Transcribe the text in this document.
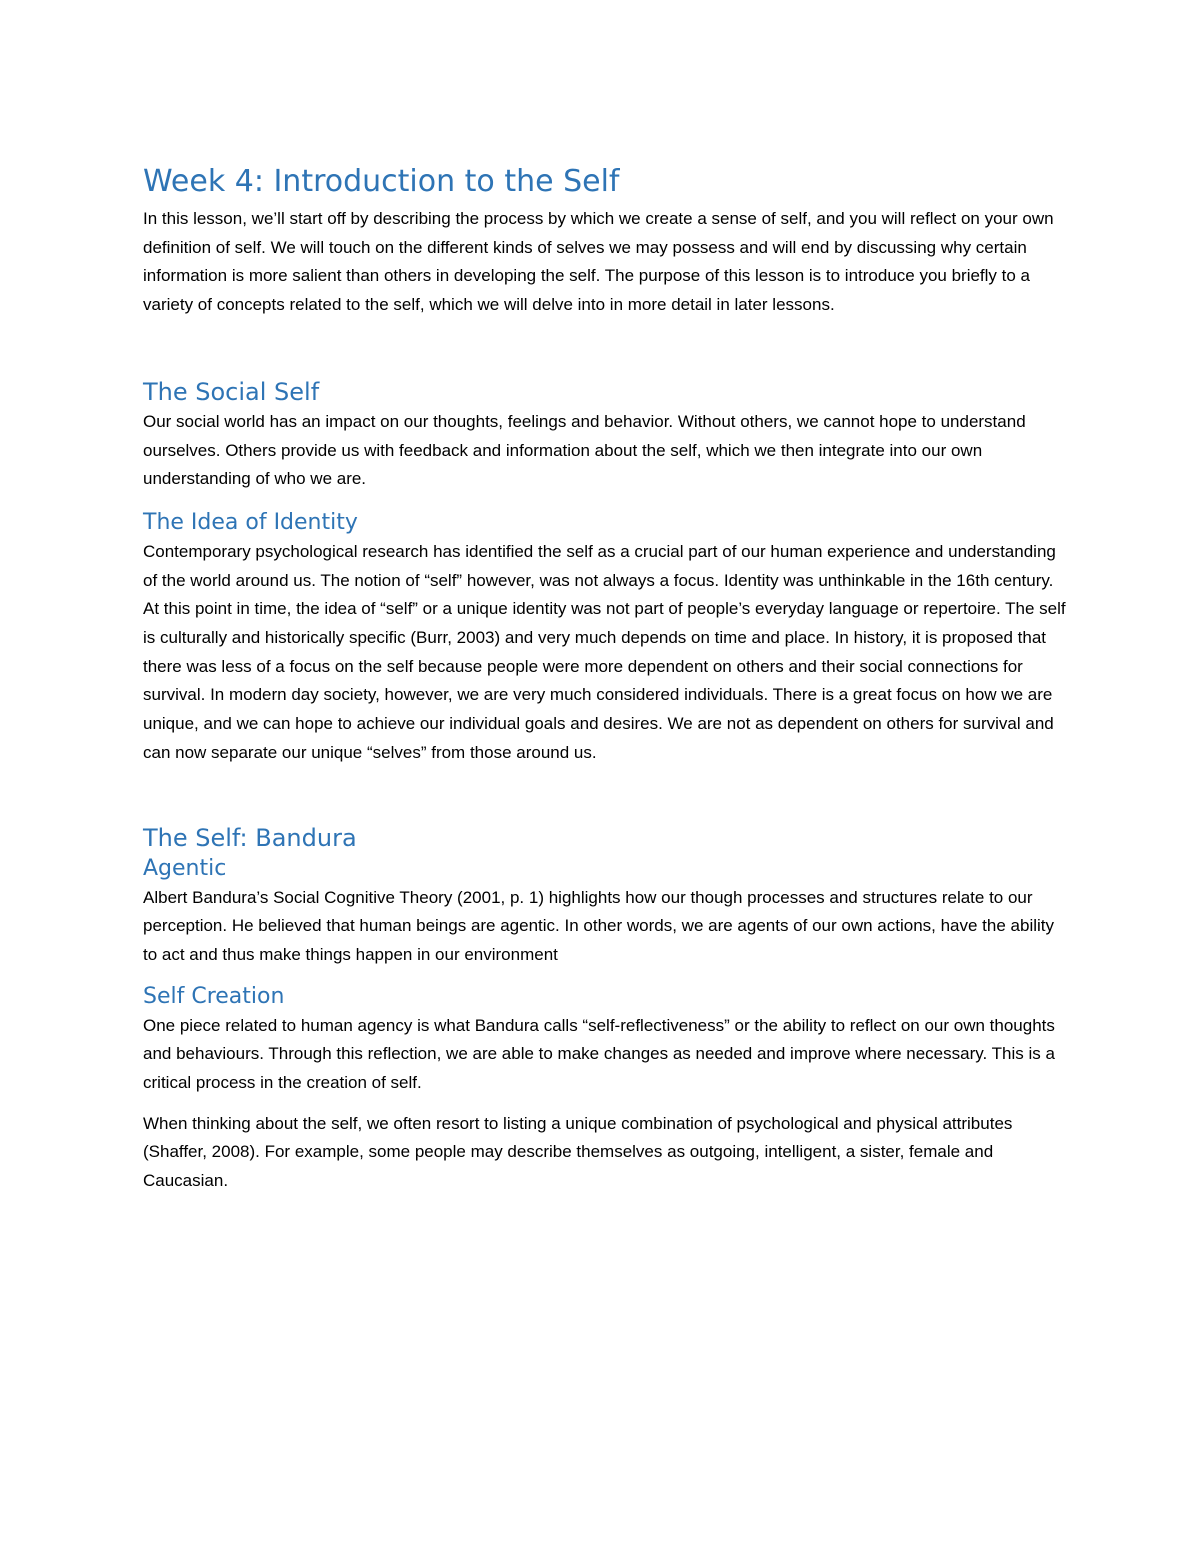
Week 4: Introduction to the Self

In this lesson, we’ll start off by describing the process by which we create a sense of self, and you will reflect on your own definition of self. We will touch on the different kinds of selves we may possess and will end by discussing why certain information is more salient than others in developing the self. The purpose of this lesson is to introduce you briefly to a variety of concepts related to the self, which we will delve into in more detail in later lessons.

The Social Self

Our social world has an impact on our thoughts, feelings and behavior. Without others, we cannot hope to understand ourselves. Others provide us with feedback and information about the self, which we then integrate into our own understanding of who we are.

The Idea of Identity

Contemporary psychological research has identified the self as a crucial part of our human experience and understanding of the world around us. The notion of “self” however, was not always a focus. Identity was unthinkable in the 16th century. At this point in time, the idea of “self” or a unique identity was not part of people’s everyday language or repertoire. The self is culturally and historically specific (Burr, 2003) and very much depends on time and place. In history, it is proposed that there was less of a focus on the self because people were more dependent on others and their social connections for survival. In modern day society, however, we are very much considered individuals. There is a great focus on how we are unique, and we can hope to achieve our individual goals and desires. We are not as dependent on others for survival and can now separate our unique “selves” from those around us.

The Self: Bandura
Agentic

Albert Bandura’s Social Cognitive Theory (2001, p. 1) highlights how our though processes and structures relate to our perception. He believed that human beings are agentic. In other words, we are agents of our own actions, have the ability to act and thus make things happen in our environment

Self Creation

One piece related to human agency is what Bandura calls “self-reflectiveness” or the ability to reflect on our own thoughts and behaviours. Through this reflection, we are able to make changes as needed and improve where necessary. This is a critical process in the creation of self.

When thinking about the self, we often resort to listing a unique combination of psychological and physical attributes (Shaffer, 2008). For example, some people may describe themselves as outgoing, intelligent, a sister, female and Caucasian.
